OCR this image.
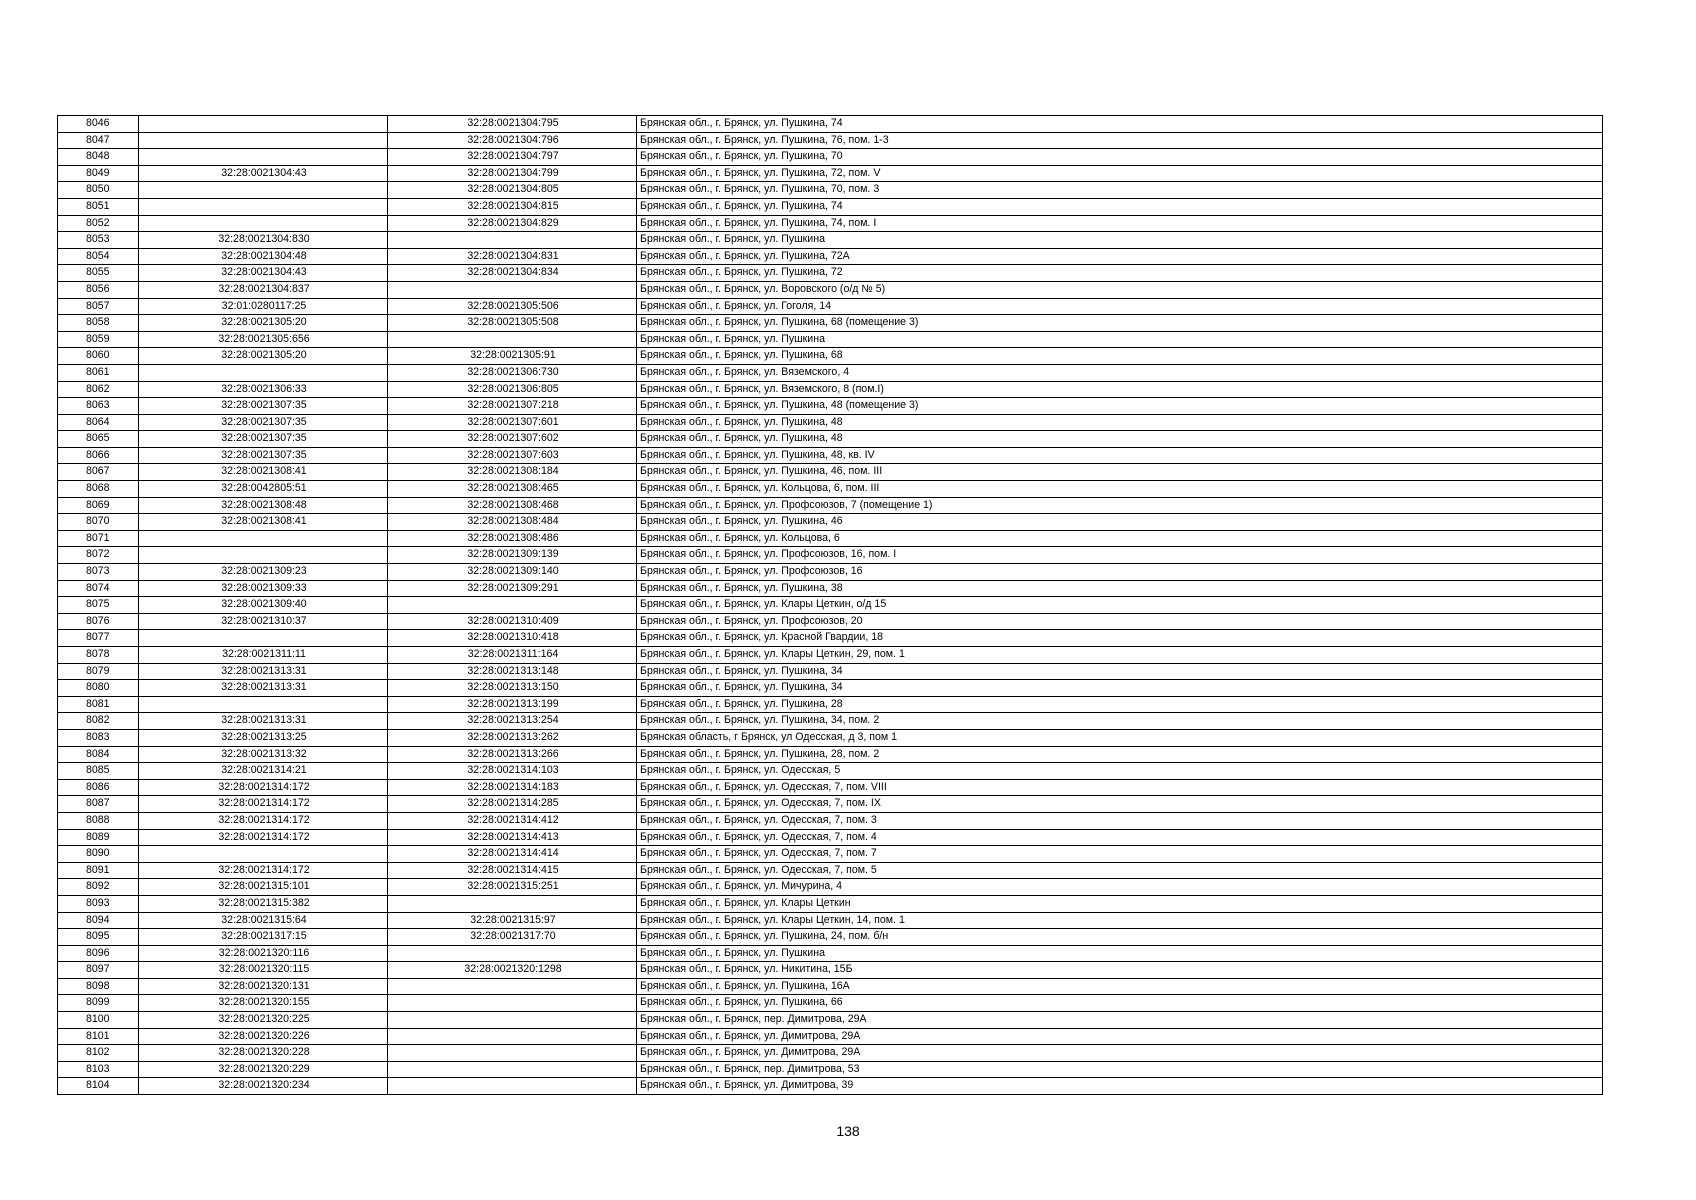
8046		32:28:0021304:795	Брянская обл., г. Брянск, ул. Пушкина, 74
8047		32:28:0021304:796	Брянская обл., г. Брянск, ул. Пушкина, 76, пом. 1-3
8048		32:28:0021304:797	Брянская обл., г. Брянск, ул. Пушкина, 70
8049	32:28:0021304:43	32:28:0021304:799	Брянская обл., г. Брянск, ул. Пушкина, 72, пом. V
8050		32:28:0021304:805	Брянская обл., г. Брянск, ул. Пушкина, 70, пом. 3
8051		32:28:0021304:815	Брянская обл., г. Брянск, ул. Пушкина, 74
8052		32:28:0021304:829	Брянская обл., г. Брянск, ул. Пушкина, 74, пом. I
8053	32:28:0021304:830		Брянская обл., г. Брянск, ул. Пушкина
8054	32:28:0021304:48	32:28:0021304:831	Брянская обл., г. Брянск, ул. Пушкина, 72А
8055	32:28:0021304:43	32:28:0021304:834	Брянская обл., г. Брянск, ул. Пушкина, 72
8056	32:28:0021304:837		Брянская обл., г. Брянск, ул. Воровского (о/д № 5)
8057	32:01:0280117:25	32:28:0021305:506	Брянская обл., г. Брянск, ул. Гоголя, 14
8058	32:28:0021305:20	32:28:0021305:508	Брянская обл., г. Брянск, ул. Пушкина, 68 (помещение 3)
8059	32:28:0021305:656		Брянская обл., г. Брянск, ул. Пушкина
8060	32:28:0021305:20	32:28:0021305:91	Брянская обл., г. Брянск, ул. Пушкина, 68
8061		32:28:0021306:730	Брянская обл., г. Брянск, ул. Вяземского, 4
8062	32:28:0021306:33	32:28:0021306:805	Брянская обл., г. Брянск, ул. Вяземского, 8 (пом.I)
8063	32:28:0021307:35	32:28:0021307:218	Брянская обл., г. Брянск, ул. Пушкина, 48 (помещение 3)
8064	32:28:0021307:35	32:28:0021307:601	Брянская обл., г. Брянск, ул. Пушкина, 48
8065	32:28:0021307:35	32:28:0021307:602	Брянская обл., г. Брянск, ул. Пушкина, 48
8066	32:28:0021307:35	32:28:0021307:603	Брянская обл., г. Брянск, ул. Пушкина, 48, кв. IV
8067	32:28:0021308:41	32:28:0021308:184	Брянская обл., г. Брянск, ул. Пушкина, 46, пом. III
8068	32:28:0042805:51	32:28:0021308:465	Брянская обл., г. Брянск, ул. Кольцова, 6, пом. III
8069	32:28:0021308:48	32:28:0021308:468	Брянская обл., г. Брянск, ул. Профсоюзов, 7 (помещение 1)
8070	32:28:0021308:41	32:28:0021308:484	Брянская обл., г. Брянск, ул. Пушкина, 46
8071		32:28:0021308:486	Брянская обл., г. Брянск, ул. Кольцова, 6
8072		32:28:0021309:139	Брянская обл., г. Брянск, ул. Профсоюзов, 16, пом. I
8073	32:28:0021309:23	32:28:0021309:140	Брянская обл., г. Брянск, ул. Профсоюзов, 16
8074	32:28:0021309:33	32:28:0021309:291	Брянская обл., г. Брянск, ул. Пушкина, 38
8075	32:28:0021309:40		Брянская обл., г. Брянск, ул. Клары Цеткин, о/д 15
8076	32:28:0021310:37	32:28:0021310:409	Брянская обл., г. Брянск, ул. Профсоюзов, 20
8077		32:28:0021310:418	Брянская обл., г. Брянск, ул. Красной Гвардии, 18
8078	32:28:0021311:11	32:28:0021311:164	Брянская обл., г. Брянск, ул. Клары Цеткин, 29, пом. 1
8079	32:28:0021313:31	32:28:0021313:148	Брянская обл., г. Брянск, ул. Пушкина, 34
8080	32:28:0021313:31	32:28:0021313:150	Брянская обл., г. Брянск, ул. Пушкина, 34
8081		32:28:0021313:199	Брянская обл., г. Брянск, ул. Пушкина, 28
8082	32:28:0021313:31	32:28:0021313:254	Брянская обл., г. Брянск, ул. Пушкина, 34, пом. 2
8083	32:28:0021313:25	32:28:0021313:262	Брянская область, г Брянск, ул Одесская, д 3, пом 1
8084	32:28:0021313:32	32:28:0021313:266	Брянская обл., г. Брянск, ул. Пушкина, 28, пом. 2
8085	32:28:0021314:21	32:28:0021314:103	Брянская обл., г. Брянск, ул. Одесская, 5
8086	32:28:0021314:172	32:28:0021314:183	Брянская обл., г. Брянск, ул. Одесская, 7, пом. VIII
8087	32:28:0021314:172	32:28:0021314:285	Брянская обл., г. Брянск, ул. Одесская, 7, пом. IX
8088	32:28:0021314:172	32:28:0021314:412	Брянская обл., г. Брянск, ул. Одесская, 7, пом. 3
8089	32:28:0021314:172	32:28:0021314:413	Брянская обл., г. Брянск, ул. Одесская, 7, пом. 4
8090		32:28:0021314:414	Брянская обл., г. Брянск, ул. Одесская, 7, пом. 7
8091	32:28:0021314:172	32:28:0021314:415	Брянская обл., г. Брянск, ул. Одесская, 7, пом. 5
8092	32:28:0021315:101	32:28:0021315:251	Брянская обл., г. Брянск, ул. Мичурина, 4
8093	32:28:0021315:382		Брянская обл., г. Брянск, ул. Клары Цеткин
8094	32:28:0021315:64	32:28:0021315:97	Брянская обл., г. Брянск, ул. Клары Цеткин, 14, пом. 1
8095	32:28:0021317:15	32:28:0021317:70	Брянская обл., г. Брянск, ул. Пушкина, 24, пом. б/н
8096	32:28:0021320:116		Брянская обл., г. Брянск, ул. Пушкина
8097	32:28:0021320:115	32:28:0021320:1298	Брянская обл., г. Брянск, ул. Никитина, 15Б
8098	32:28:0021320:131		Брянская обл., г. Брянск, ул. Пушкина, 16А
8099	32:28:0021320:155		Брянская обл., г. Брянск, ул. Пушкина, 66
8100	32:28:0021320:225		Брянская обл., г. Брянск, пер. Димитрова, 29А
8101	32:28:0021320:226		Брянская обл., г. Брянск, ул. Димитрова, 29А
8102	32:28:0021320:228		Брянская обл., г. Брянск, ул. Димитрова, 29А
8103	32:28:0021320:229		Брянская обл., г. Брянск, пер. Димитрова, 53
8104	32:28:0021320:234		Брянская обл., г. Брянск, ул. Димитрова, 39
138
